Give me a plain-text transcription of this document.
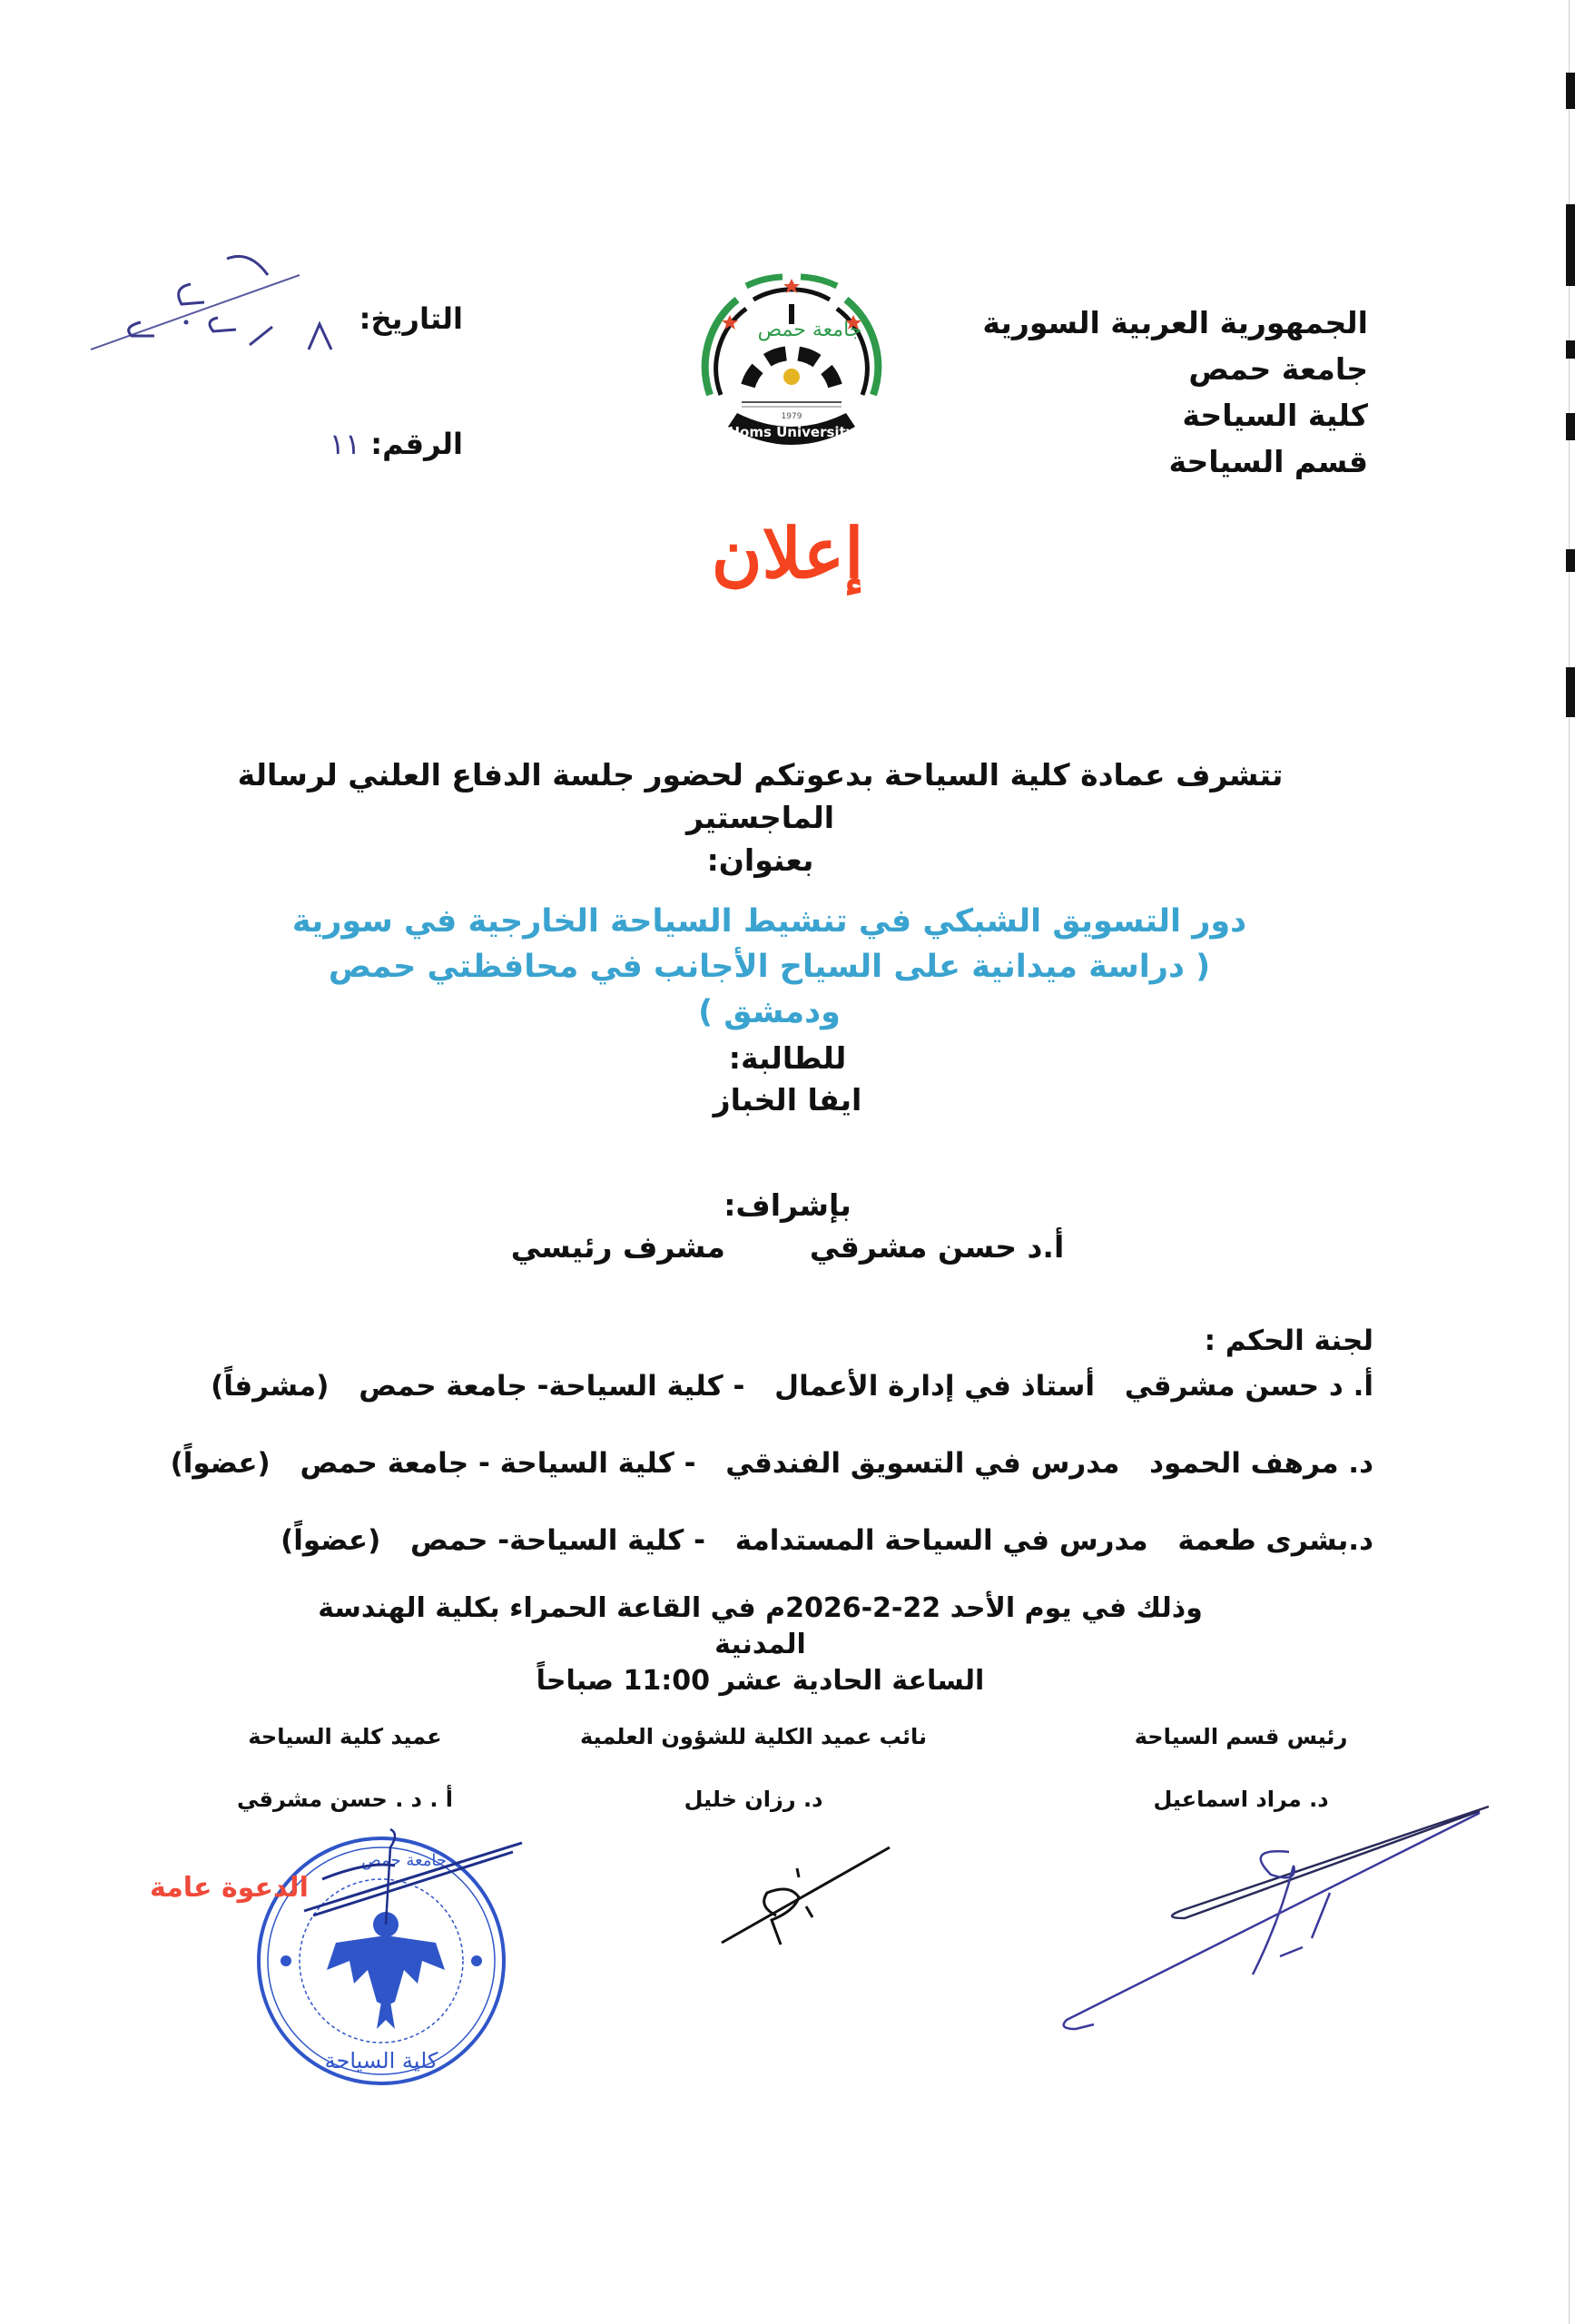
الجمهورية العربية السورية
جامعة حمص
كلية السياحة
قسم السياحة
جامعة حمص
Homs University
1979
التاريخ:
الرقم: ١١
إعلان
تتشرف عمادة كلية السياحة بدعوتكم لحضور جلسة الدفاع العلني لرسالة الماجستير
بعنوان:
دور التسويق الشبكي في تنشيط السياحة الخارجية في سورية
( دراسة ميدانية على السياح الأجانب في محافظتي حمص ودمشق )
للطالبة:
ايفا الخباز
بإشراف:
أ.د حسن مشرقي  مشرف رئيسي
لجنة الحكم :
أ. د حسن مشرقي أستاذ في إدارة الأعمال - كلية السياحة- جامعة حمص (مشرفاً)
د. مرهف الحمود مدرس في التسويق الفندقي - كلية السياحة - جامعة حمص (عضواً)
د.بشرى طعمة مدرس في السياحة المستدامة - كلية السياحة- حمص (عضواً)
وذلك في يوم الأحد 22-2-2026م في القاعة الحمراء بكلية الهندسة المدنية
الساعة الحادية عشر 11:00 صباحاً
رئيس قسم السياحة
د. مراد اسماعيل
نائب عميد الكلية للشؤون العلمية
د. رزان خليل
عميد كلية السياحة
أ . د . حسن مشرقي
كلية السياحة
جامعة حمص
الدعوة عامة
